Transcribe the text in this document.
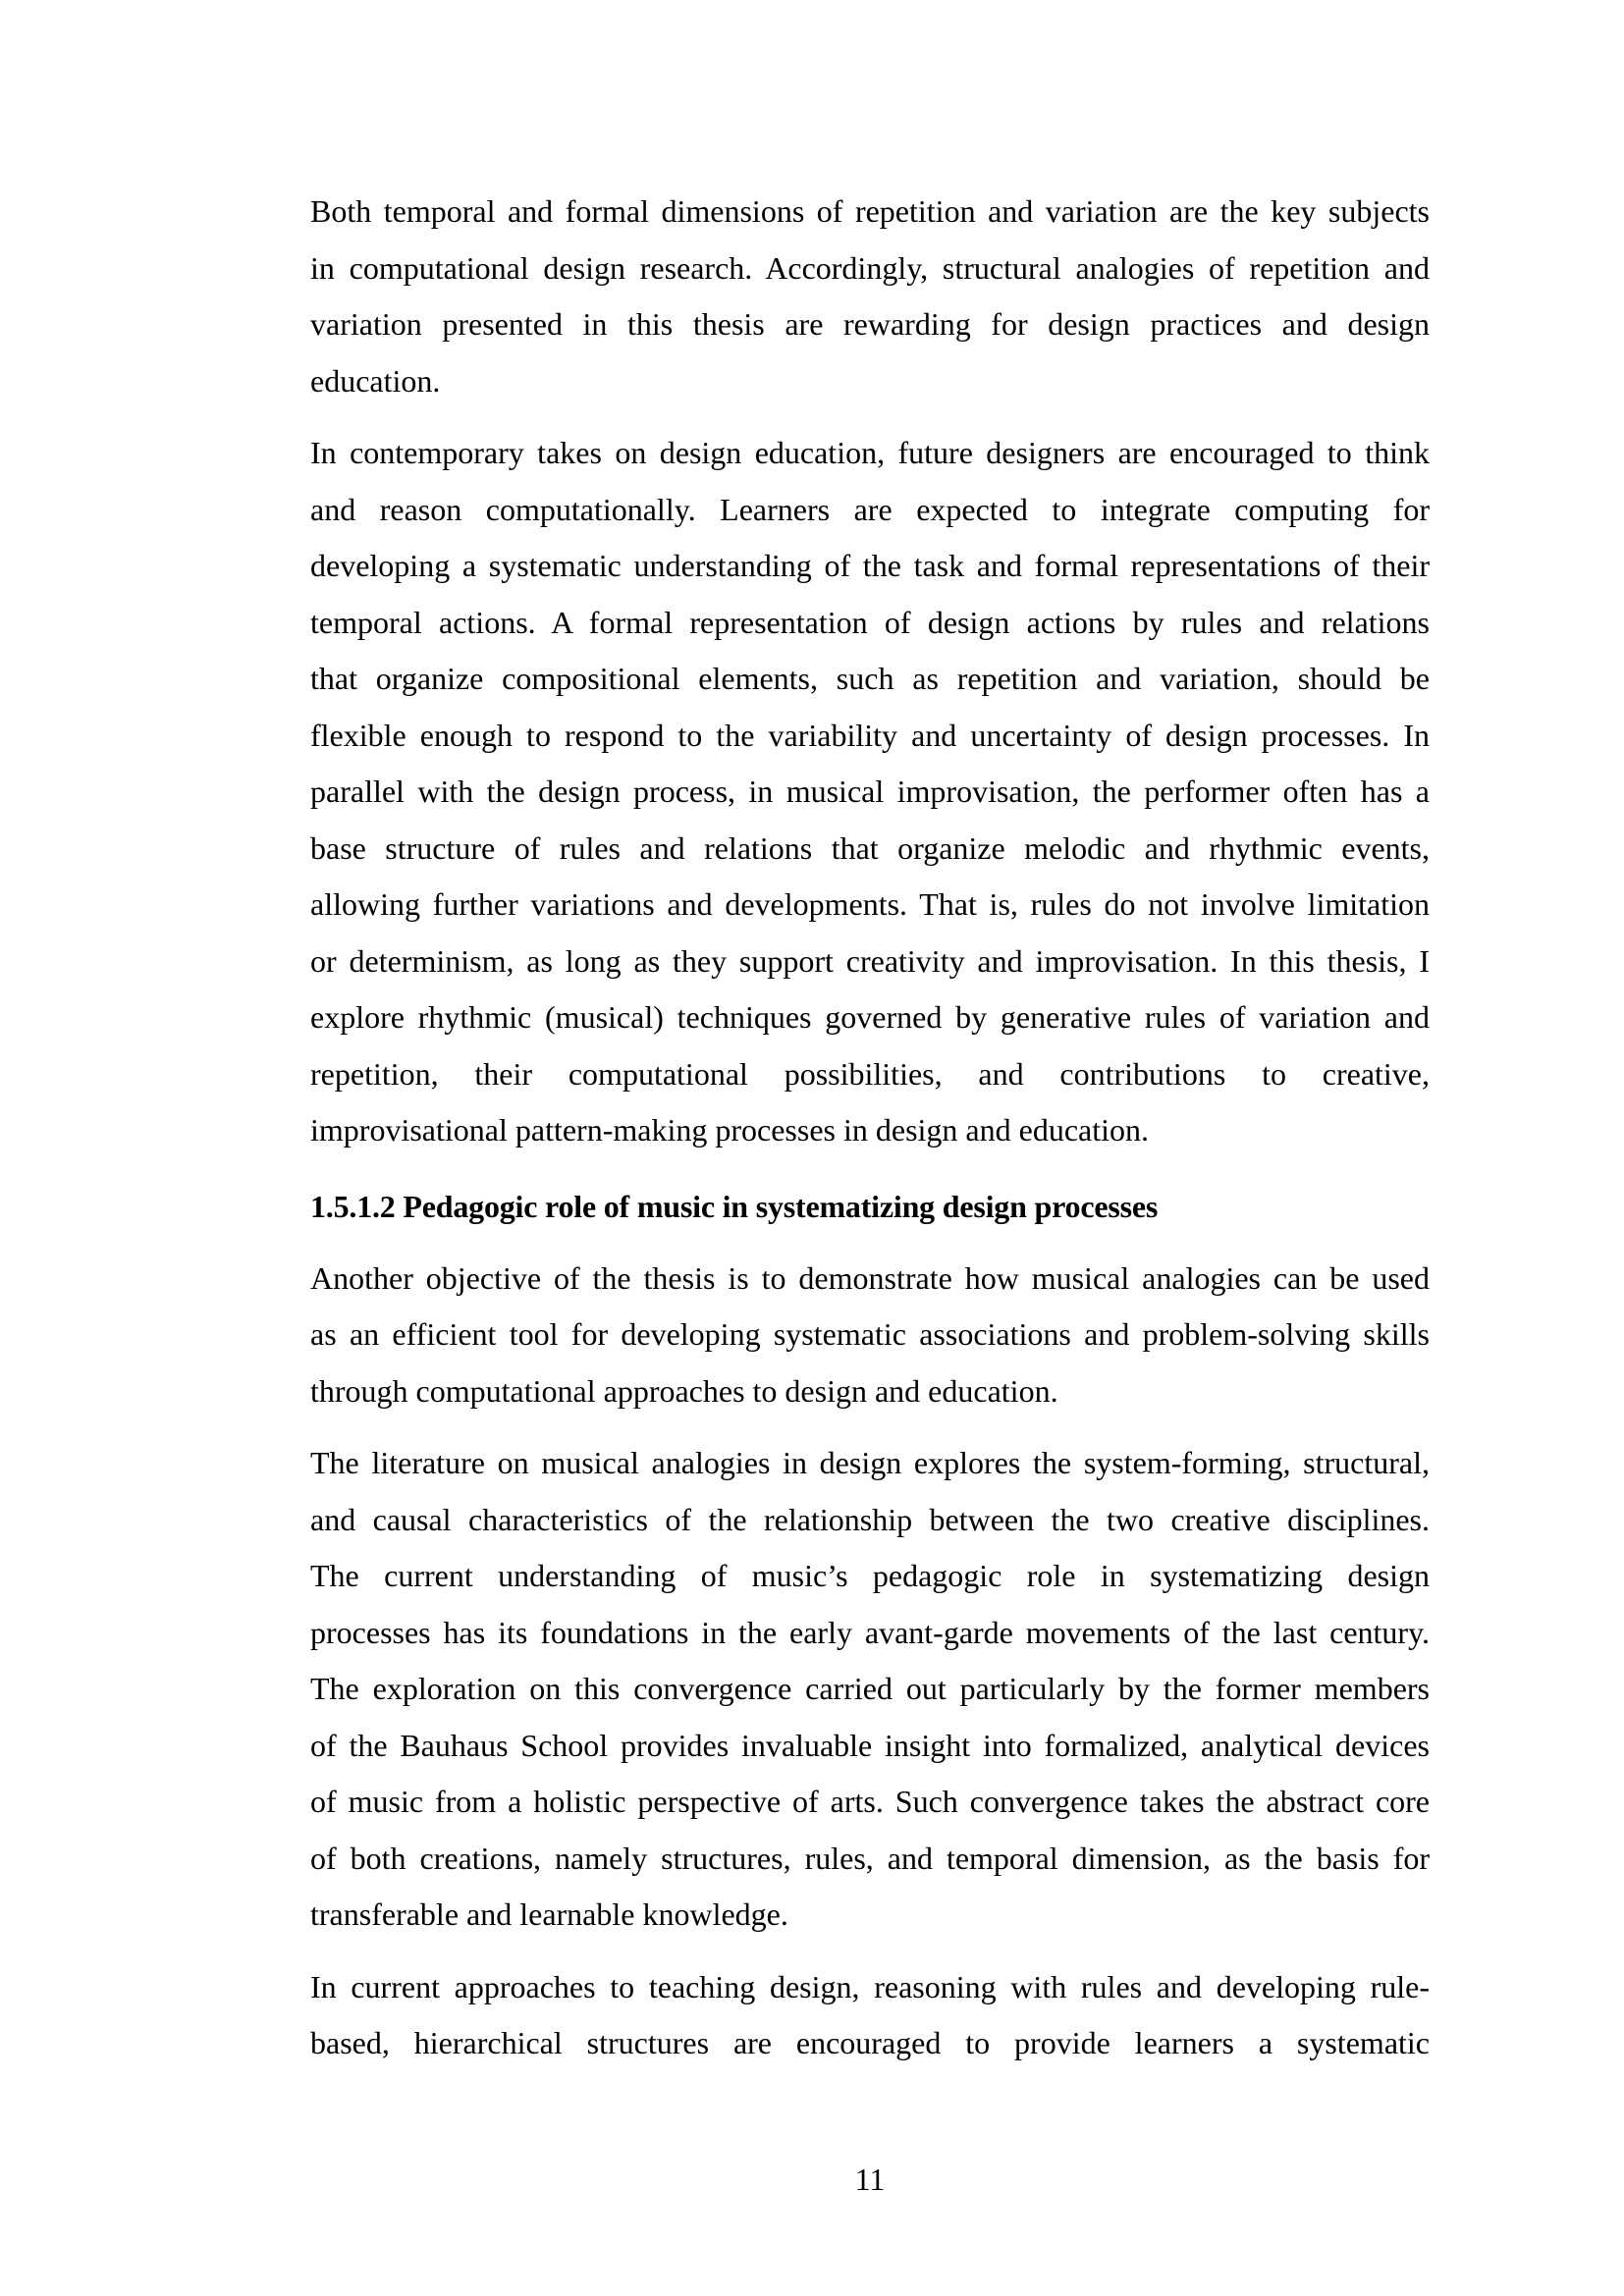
Both temporal and formal dimensions of repetition and variation are the key subjects
in computational design research. Accordingly, structural analogies of repetition and
variation presented in this thesis are rewarding for design practices and design
education.

In contemporary takes on design education, future designers are encouraged to think
and reason computationally. Learners are expected to integrate computing for
developing a systematic understanding of the task and formal representations of their
temporal actions. A formal representation of design actions by rules and relations
that organize compositional elements, such as repetition and variation, should be
flexible enough to respond to the variability and uncertainty of design processes. In
parallel with the design process, in musical improvisation, the performer often has a
base structure of rules and relations that organize melodic and rhythmic events,
allowing further variations and developments. That is, rules do not involve limitation
or determinism, as long as they support creativity and improvisation. In this thesis, I
explore rhythmic (musical) techniques governed by generative rules of variation and
repetition, their computational possibilities, and contributions to creative,
improvisational pattern-making processes in design and education.

1.5.1.2 Pedagogic role of music in systematizing design processes

Another objective of the thesis is to demonstrate how musical analogies can be used
as an efficient tool for developing systematic associations and problem-solving skills
through computational approaches to design and education.

The literature on musical analogies in design explores the system-forming, structural,
and causal characteristics of the relationship between the two creative disciplines.
The current understanding of music’s pedagogic role in systematizing design
processes has its foundations in the early avant-garde movements of the last century.
The exploration on this convergence carried out particularly by the former members
of the Bauhaus School provides invaluable insight into formalized, analytical devices
of music from a holistic perspective of arts. Such convergence takes the abstract core
of both creations, namely structures, rules, and temporal dimension, as the basis for
transferable and learnable knowledge.

In current approaches to teaching design, reasoning with rules and developing rule-
based, hierarchical structures are encouraged to provide learners a systematic

11
